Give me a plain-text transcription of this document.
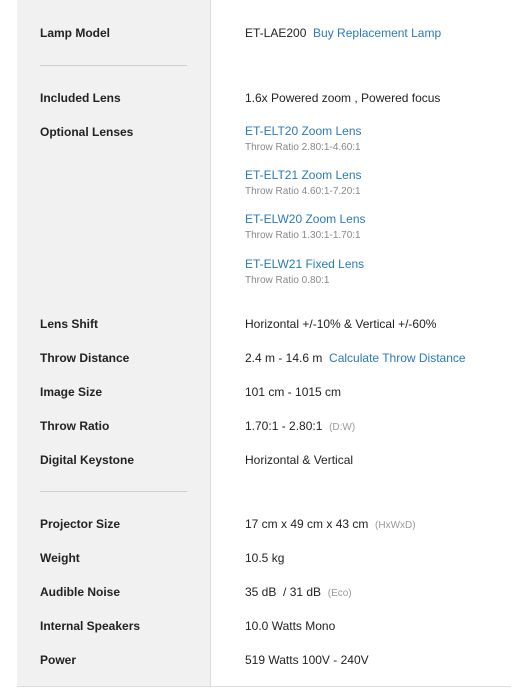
Lamp Model	ET-LAE200 Buy Replacement Lamp
Included Lens	1.6x Powered zoom , Powered focus
Optional Lenses	ET-ELT20 Zoom Lens
Throw Ratio 2.80:1-4.60:1
ET-ELT21 Zoom Lens
Throw Ratio 4.60:1-7.20:1
ET-ELW20 Zoom Lens
Throw Ratio 1.30:1-1.70:1
ET-ELW21 Fixed Lens
Throw Ratio 0.80:1
Lens Shift	Horizontal +/-10% & Vertical +/-60%
Throw Distance	2.4 m - 14.6 m Calculate Throw Distance
Image Size	101 cm - 1015 cm
Throw Ratio	1.70:1 - 2.80:1 (D:W)
Digital Keystone	Horizontal & Vertical
Projector Size	17 cm x 49 cm x 43 cm (HxWxD)
Weight	10.5 kg
Audible Noise	35 dB  / 31 dB (Eco)
Internal Speakers	10.0 Watts Mono
Power	519 Watts 100V - 240V
